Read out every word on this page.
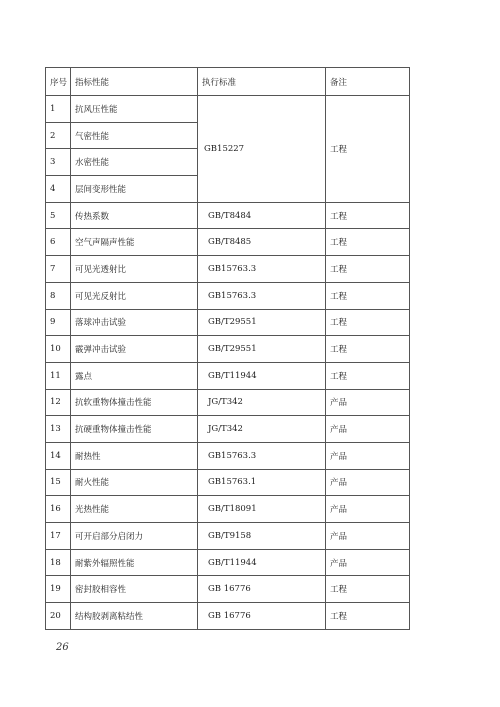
序号	指标性能	执行标准	备注
1	抗风压性能	GB15227	工程
2	气密性能		
3	水密性能		
4	层间变形性能		
5	传热系数	GB/T8484	工程
6	空气声隔声性能	GB/T8485	工程
7	可见光透射比	GB15763.3	工程
8	可见光反射比	GB15763.3	工程
9	落球冲击试验	GB/T29551	工程
10	霰弹冲击试验	GB/T29551	工程
11	露点	GB/T11944	工程
12	抗软重物体撞击性能	JG/T342	产品
13	抗硬重物体撞击性能	JG/T342	产品
14	耐热性	GB15763.3	产品
15	耐火性能	GB15763.1	产品
16	光热性能	GB/T18091	产品
17	可开启部分启闭力	GB/T9158	产品
18	耐紫外辐照性能	GB/T11944	产品
19	密封胶相容性	GB 16776	工程
20	结构胶剥离粘结性	GB 16776	工程
26
